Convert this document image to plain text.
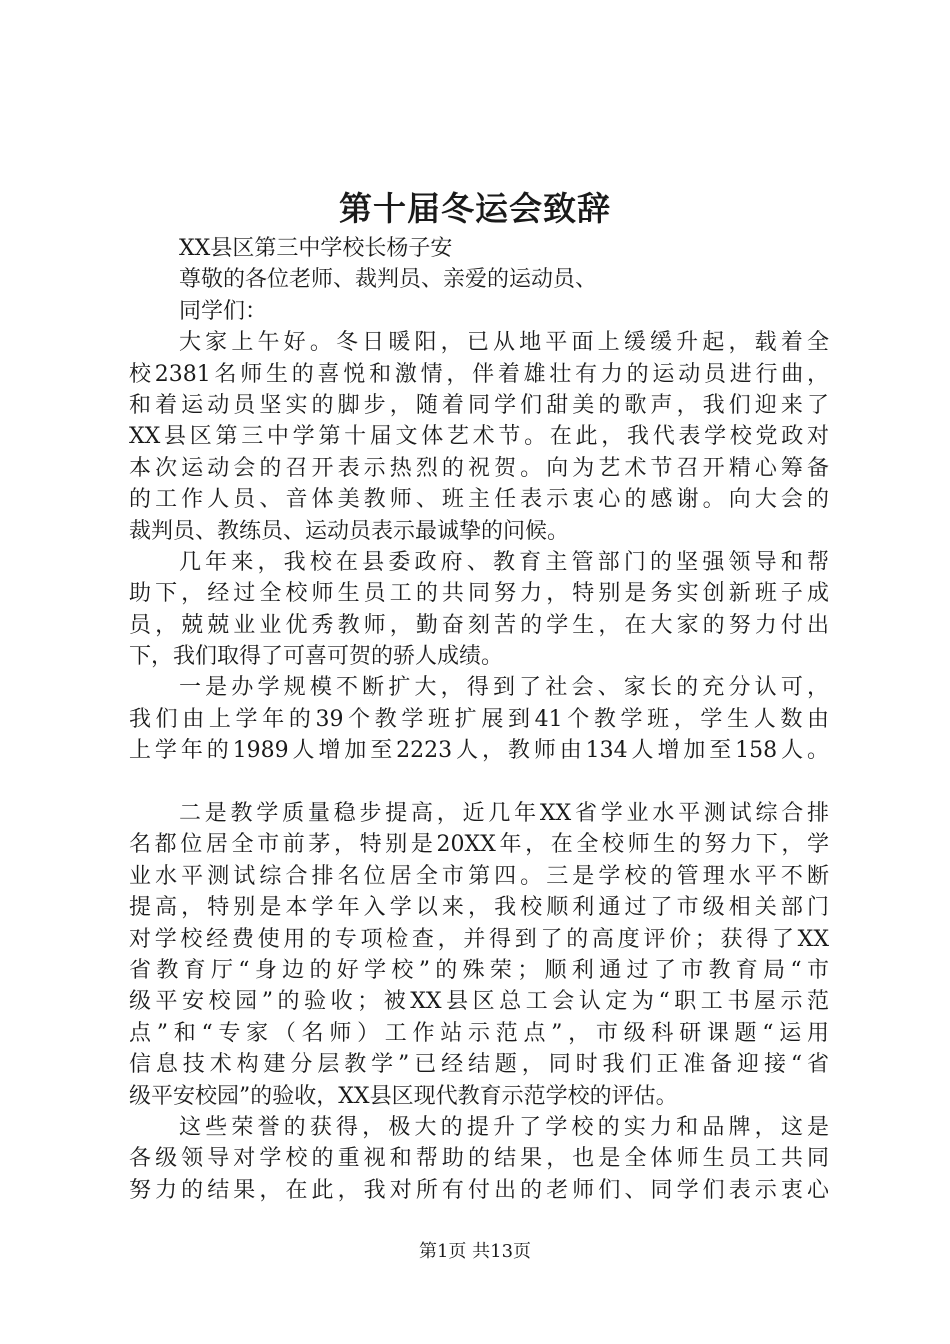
第十届冬运会致辞

XX县区第三中学校长杨子安

尊敬的各位老师、裁判员、亲爱的运动员、

同学们：

大家上午好。冬日暖阳，已从地平面上缓缓升起，载着全

校2381名师生的喜悦和激情，伴着雄壮有力的运动员进行曲，

和着运动员坚实的脚步，随着同学们甜美的歌声，我们迎来了

XX县区第三中学第十届文体艺术节。在此，我代表学校党政对

本次运动会的召开表示热烈的祝贺。向为艺术节召开精心筹备

的工作人员、音体美教师、班主任表示衷心的感谢。向大会的

裁判员、教练员、运动员表示最诚挚的问候。

几年来，我校在县委政府、教育主管部门的坚强领导和帮

助下，经过全校师生员工的共同努力，特别是务实创新班子成

员，兢兢业业优秀教师，勤奋刻苦的学生，在大家的努力付出

下，我们取得了可喜可贺的骄人成绩。

一是办学规模不断扩大，得到了社会、家长的充分认可，

我们由上学年的39个教学班扩展到41个教学班，学生人数由

上学年的1989人增加至2223人，教师由134人增加至158人。

二是教学质量稳步提高，近几年XX省学业水平测试综合排

名都位居全市前茅，特别是20XX年，在全校师生的努力下，学

业水平测试综合排名位居全市第四。三是学校的管理水平不断

提高，特别是本学年入学以来，我校顺利通过了市级相关部门

对学校经费使用的专项检查，并得到了的高度评价；获得了XX

省教育厅“身边的好学校”的殊荣；顺利通过了市教育局“市

级平安校园”的验收；被XX县区总工会认定为“职工书屋示范

点”和“专家（名师）工作站示范点”，市级科研课题“运用

信息技术构建分层教学”已经结题，同时我们正准备迎接“省

级平安校园”的验收，XX县区现代教育示范学校的评估。

这些荣誉的获得，极大的提升了学校的实力和品牌，这是

各级领导对学校的重视和帮助的结果，也是全体师生员工共同

努力的结果，在此，我对所有付出的老师们、同学们表示衷心

第1页 共13页
